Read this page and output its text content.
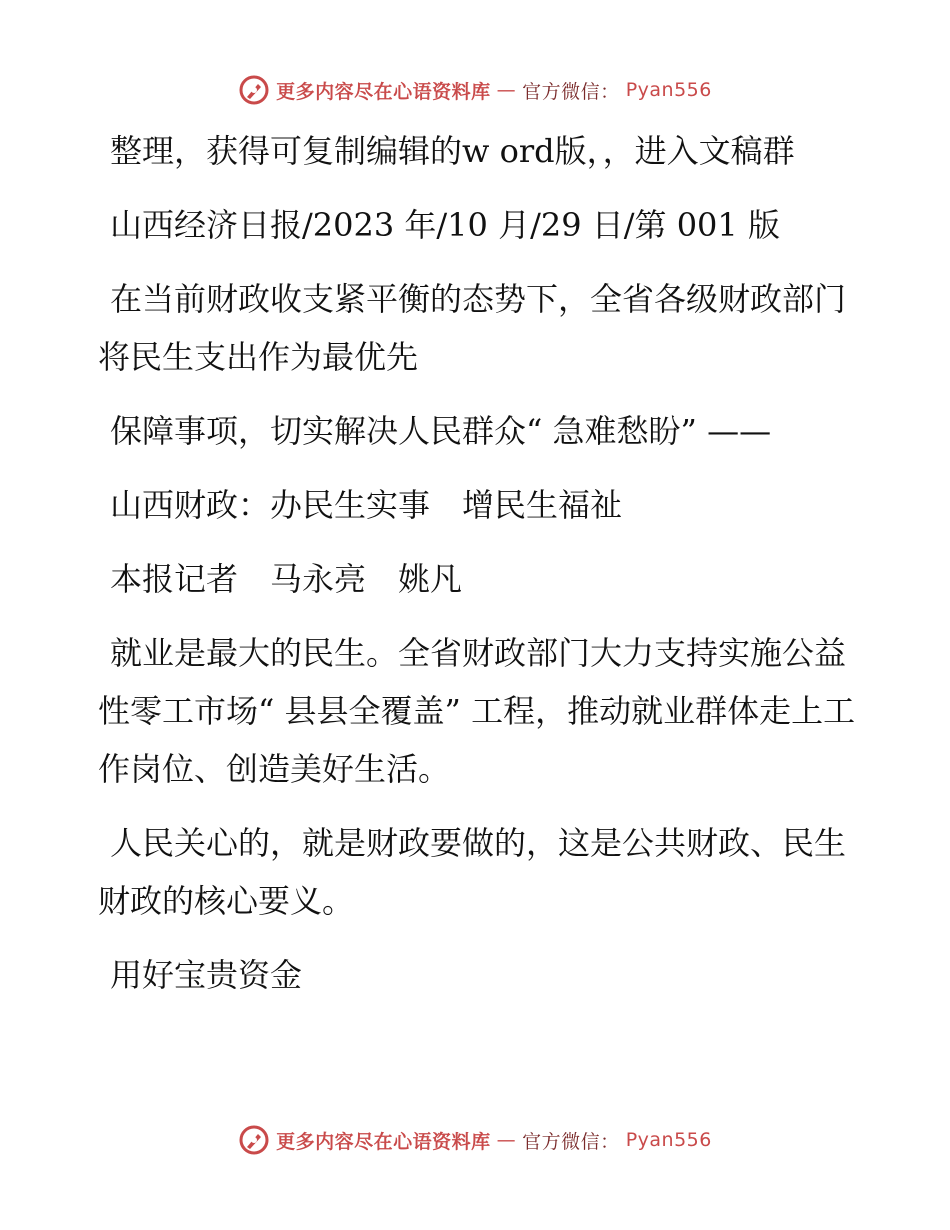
更多内容尽在心语资料库 — 官方微信： Pyan556

整理，获得可复制编辑的w ord版，，进入文稿群

山西经济日报/2023 年/10 月/29 日/第 001 版

在当前财政收支紧平衡的态势下，全省各级财政部门将民生支出作为最优先

保障事项，切实解决人民群众“ 急难愁盼” ——

山西财政：办民生实事　增民生福祉

本报记者　马永亮　姚凡

就业是最大的民生。全省财政部门大力支持实施公益性零工市场“ 县县全覆盖” 工程，推动就业群体走上工作岗位、创造美好生活。

人民关心的，就是财政要做的，这是公共财政、民生财政的核心要义。

用好宝贵资金

更多内容尽在心语资料库 — 官方微信： Pyan556
